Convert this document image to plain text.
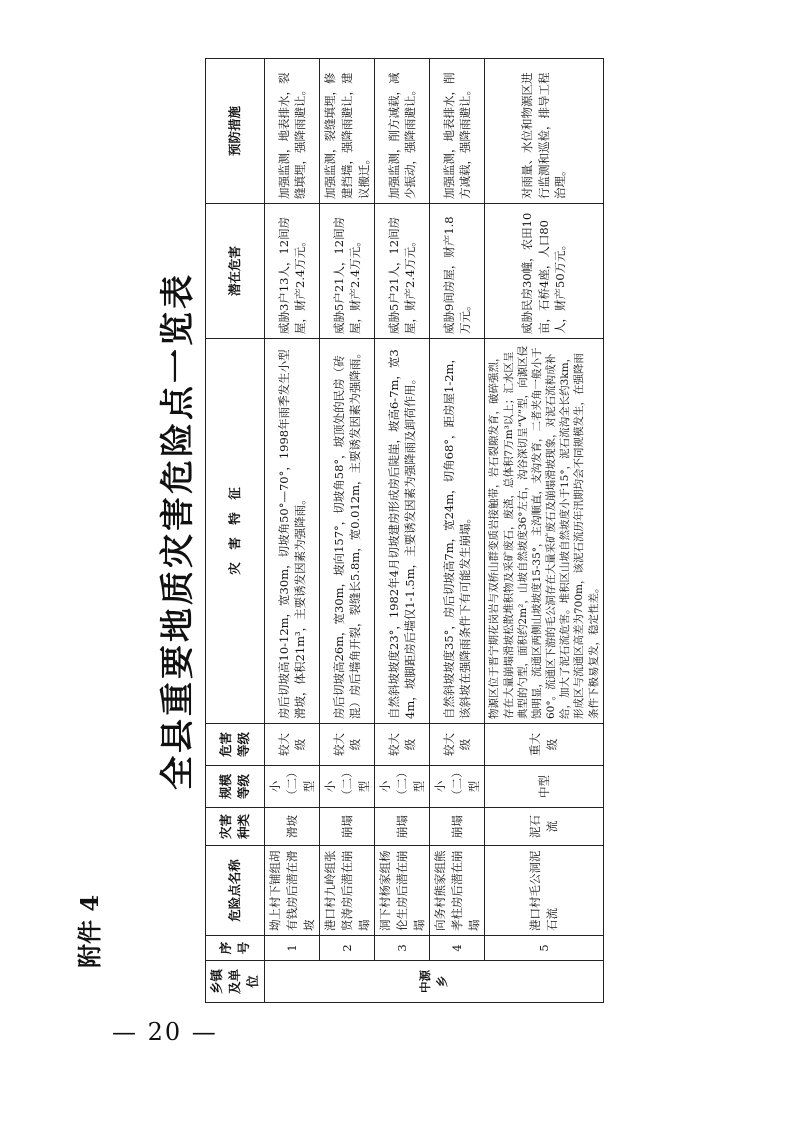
— 20 —
附件 4
全县重要地质灾害危险点一览表
乡镇及单位	序号	危险点名称	灾害种类	规模等级	危害等级	灾　害　特　征	潜在危害	预防措施
中源乡	1	坳上村下铺组胡有钱房后潜在滑坡	滑坡	小（二）型	较大级	房后切坡高10-12m，宽30m，切坡角50°—70°，1998年雨季发生小型滑坡，体积21m³，主要诱发因素为强降雨。	威胁3户13人，12间房屋，财产2.4万元。	加强监测，地表排水，裂缝填埋，强降雨避让。
	2	港口村九岭组张贤涛房后潜在崩塌	崩塌	小（二）型	较大级	房后切坡高26m，宽30m，坡向157°，切坡角58°，坡顶处的民房（砖混）房后墙角开裂，裂缝长5.8m，宽0.012m，主要诱发因素为强降雨。	威胁5户21人，12间房屋，财产2.4万元。	加强监测，裂缝填埋，修建挡墙，强降雨避让，建议搬迁。
	3	洞下村杨家组杨伦生房后潜在崩塌	崩塌	小（二）型	较大级	自然斜坡坡度23°，1982年4月切坡建房形成房后陡崖，坡高6-7m，宽34m，坡脚距房后墙仅1-1.5m，主要诱发因素为强降雨及卸荷作用。	威胁5户21人，12间房屋，财产2.4万元。	加强监测，削方减载，减少振动，强降雨避让。
	4	向务村熊家组熊孝柱房后潜在崩塌	崩塌	小（二）型	较大级	自然斜坡坡度35°，房后切坡高7m，宽24m，切角68°，距房屋1-2m，该斜坡在强降雨条件下有可能发生崩塌。	威胁9间房屋，财产1.8万元。	加强监测，地表排水，削方减载，强降雨避让。
	5	港口村毛公洞泥石流	泥石流	中型	重大级	物源区位于晋宁期花岗岩与双桥山群变质岩接触带，岩石裂隙发育，破碎强烈，存在大量崩塌滑坡松散堆积物及采矿废石，废渣，总体积7万m³以上；汇水区呈典型的勺型，面积约2m²，山坡自然坡度36°左右，沟谷深切呈“V”型，向源区侵蚀明显，流通区两侧山坡坡度15-35°，主沟顺直，支沟发育，二者夹角一般小于60°。流通区下游的毛公洞存在大量采矿废石及崩塌滑坡现象，对泥石流构成补给，加大了泥石流危害。堆积区山坡自然坡度小于15°，泥石流沟全长约3km，形成区与流通区高差为700m，该泥石流历年汛期均会不同规模发生，在强降雨条件下极易复发，稳定性差。	威胁民房30幢，农田10亩，石桥4座，人口80人，财产50万元。	对雨量、水位和物源区进行监测和巡检，排导工程治理。
